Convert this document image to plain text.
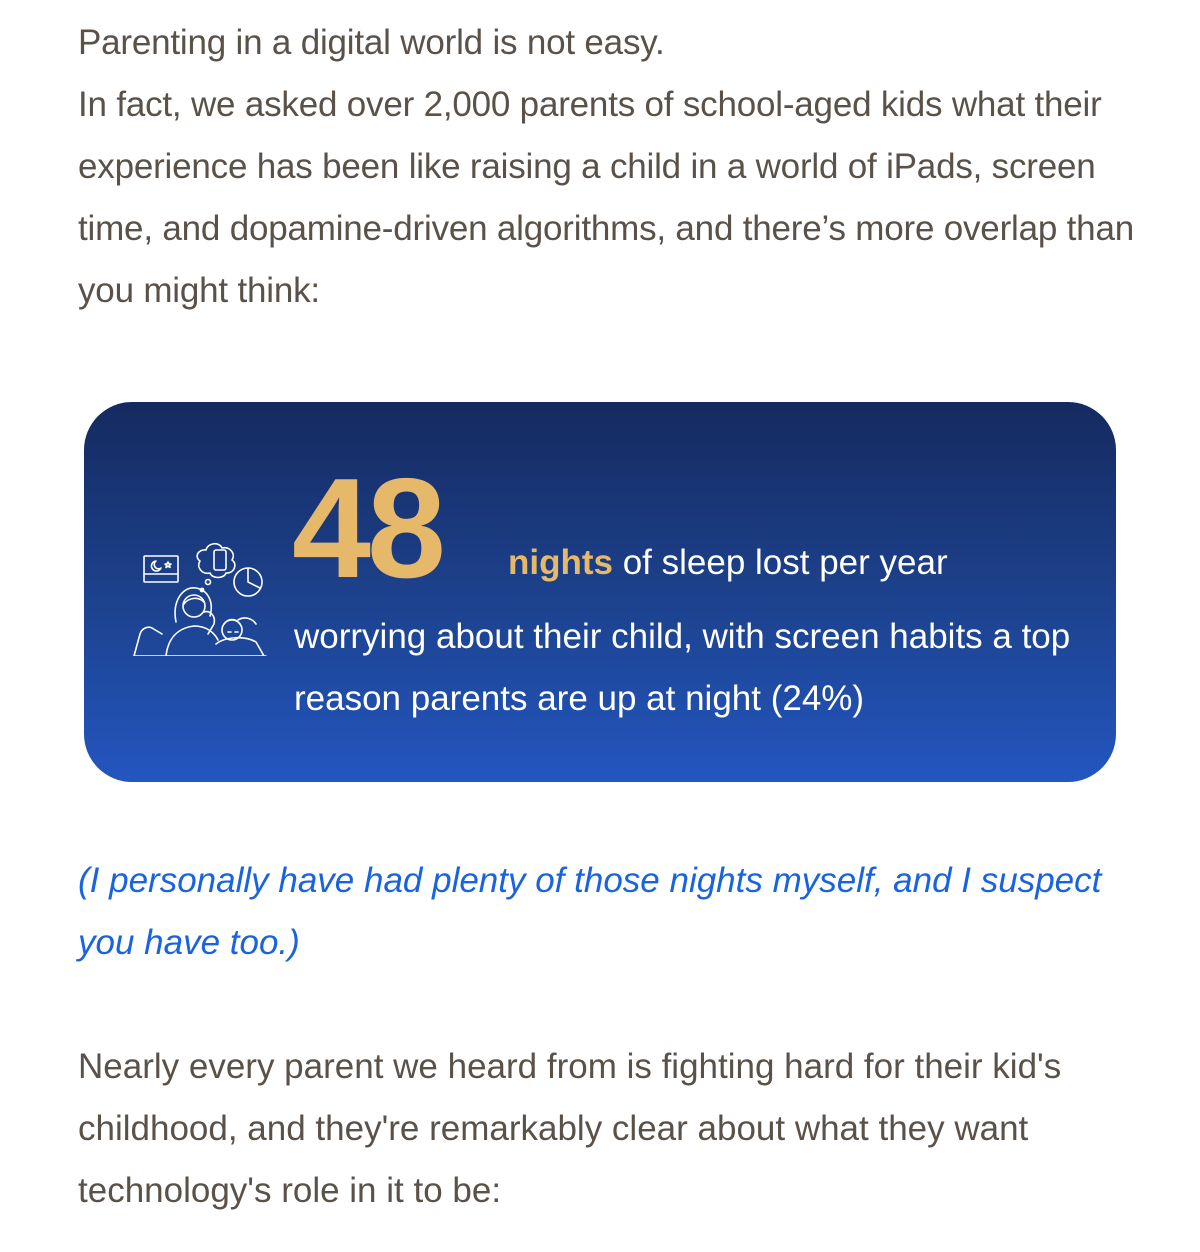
Parenting in a digital world is not easy.

In fact, we asked over 2,000 parents of school-aged kids what their experience has been like raising a child in a world of iPads, screen time, and dopamine-driven algorithms, and there’s more overlap than you might think:

48 nights of sleep lost per year
worrying about their child, with screen habits a top reason parents are up at night (24%)

(I personally have had plenty of those nights myself, and I suspect you have too.)

Nearly every parent we heard from is fighting hard for their kid's childhood, and they're remarkably clear about what they want technology's role in it to be:
